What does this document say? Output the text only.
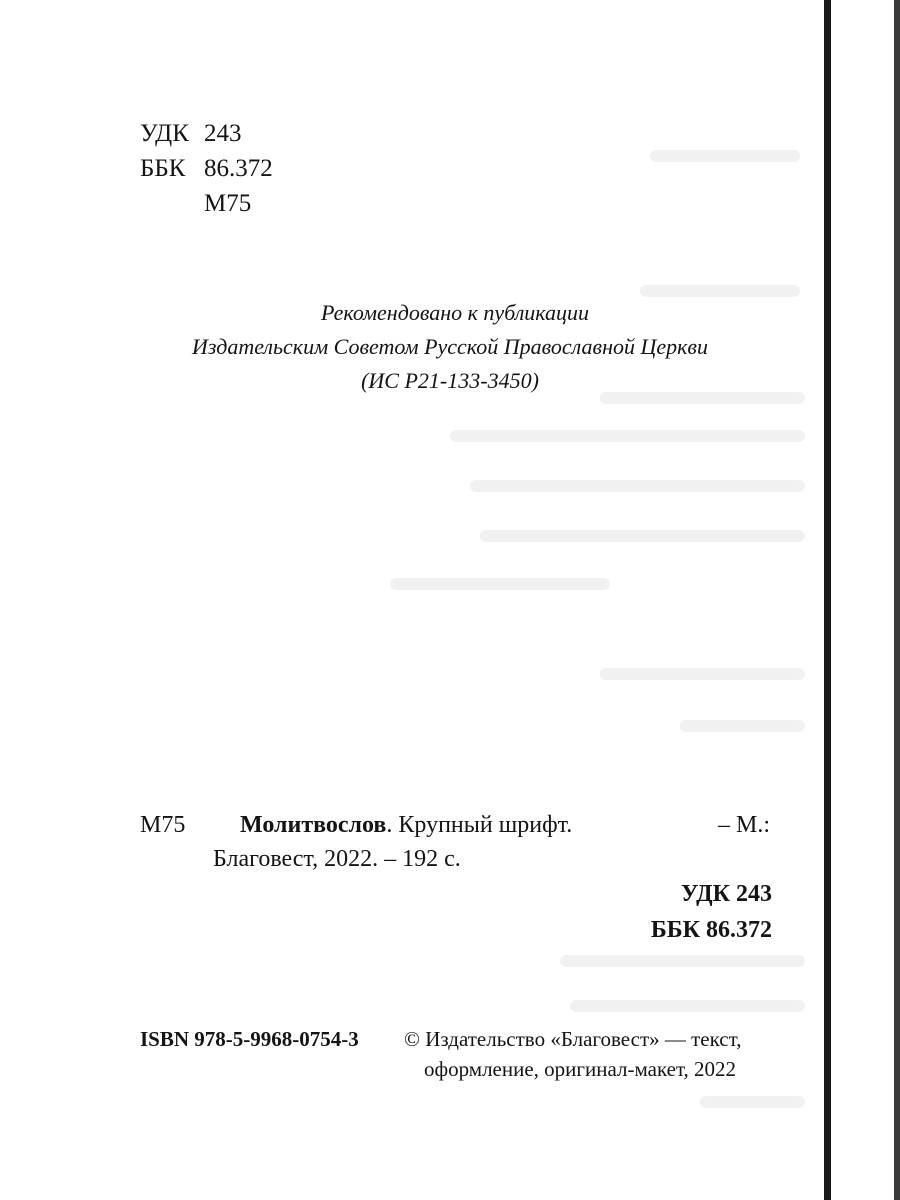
УДК 243
ББК 86.372
М75
Рекомендовано к публикации
Издательским Советом Русской Православной Церкви
(ИС Р21-133-3450)
М75 Молитвослов. Крупный шрифт.	– М.:
Благовест, 2022. – 192 с.
УДК 243
ББК 86.372
ISBN 978-5-9968-0754-3 © Издательство «Благовест» — текст,
оформление, оригинал-макет, 2022
